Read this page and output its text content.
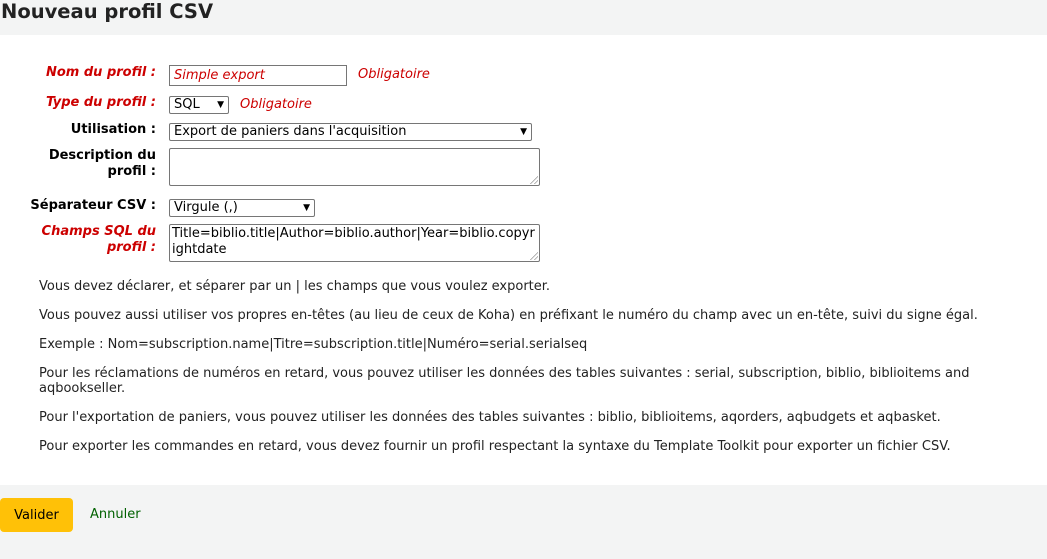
Nouveau profil CSV
Nom du profil :	Simple export	Obligatoire
Type du profil : SQL ▼ Obligatoire
Utilisation : Export de paniers dans l'acquisition	▼
Description du profil :
Séparateur CSV : Virgule (,)	▼
Champs SQL du profil :
Title=biblio.title|Author=biblio.author|Year=biblio.copyrightdate

Vous devez déclarer, et séparer par un | les champs que vous voulez exporter.

Vous pouvez aussi utiliser vos propres en-têtes (au lieu de ceux de Koha) en préfixant le numéro du champ avec un en-tête, suivi du signe égal.

Exemple : Nom=subscription.name|Titre=subscription.title|Numéro=serial.serialseq

Pour les réclamations de numéros en retard, vous pouvez utiliser les données des tables suivantes : serial, subscription, biblio, biblioitems and aqbookseller.

Pour l'exportation de paniers, vous pouvez utiliser les données des tables suivantes : biblio, biblioitems, aqorders, aqbudgets et aqbasket.

Pour exporter les commandes en retard, vous devez fournir un profil respectant la syntaxe du Template Toolkit pour exporter un fichier CSV.

Valider	Annuler
